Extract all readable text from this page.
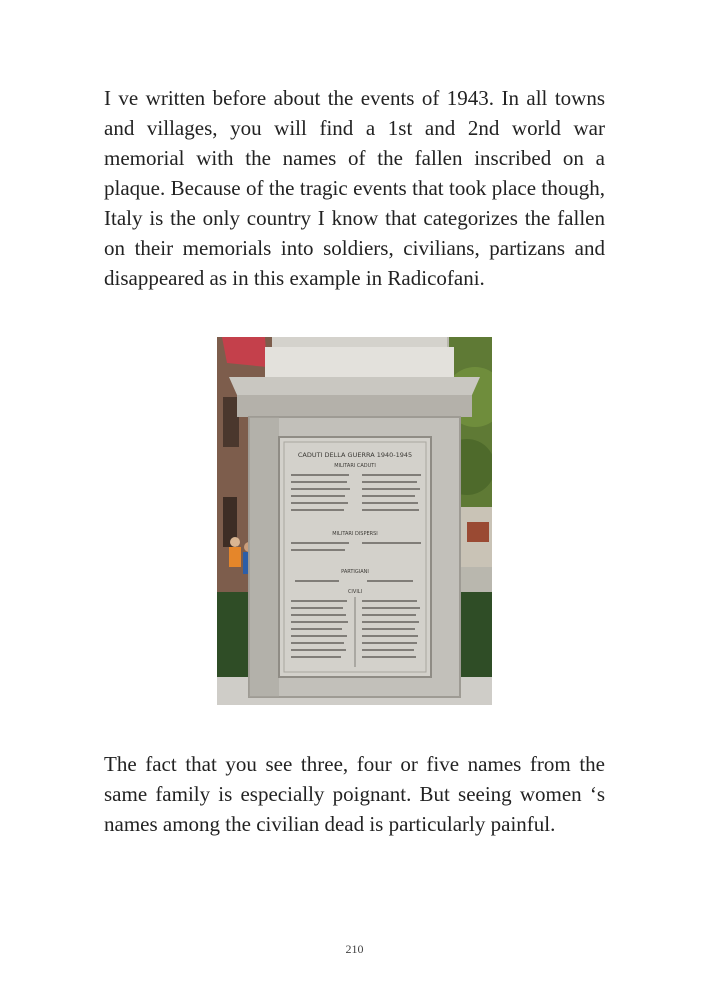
I ve written before about the events of 1943. In all towns and villages, you will find a 1st and 2nd world war memorial with the names of the fallen inscribed on a plaque. Because of the tragic events that took place though, Italy is the only country I know that categorizes the fallen on their memorials into soldiers, civilians, partizans and disappeared as in this example in Radicofani.

CADUTI DELLA GUERRA 1940-1945
MILITARI CADUTI
MILITARI DISPERSI
PARTIGIANI
CIVILI

The fact that you see three, four or five names from the same family is especially poignant. But seeing women ‘s names among the civilian dead is particularly painful.

210
